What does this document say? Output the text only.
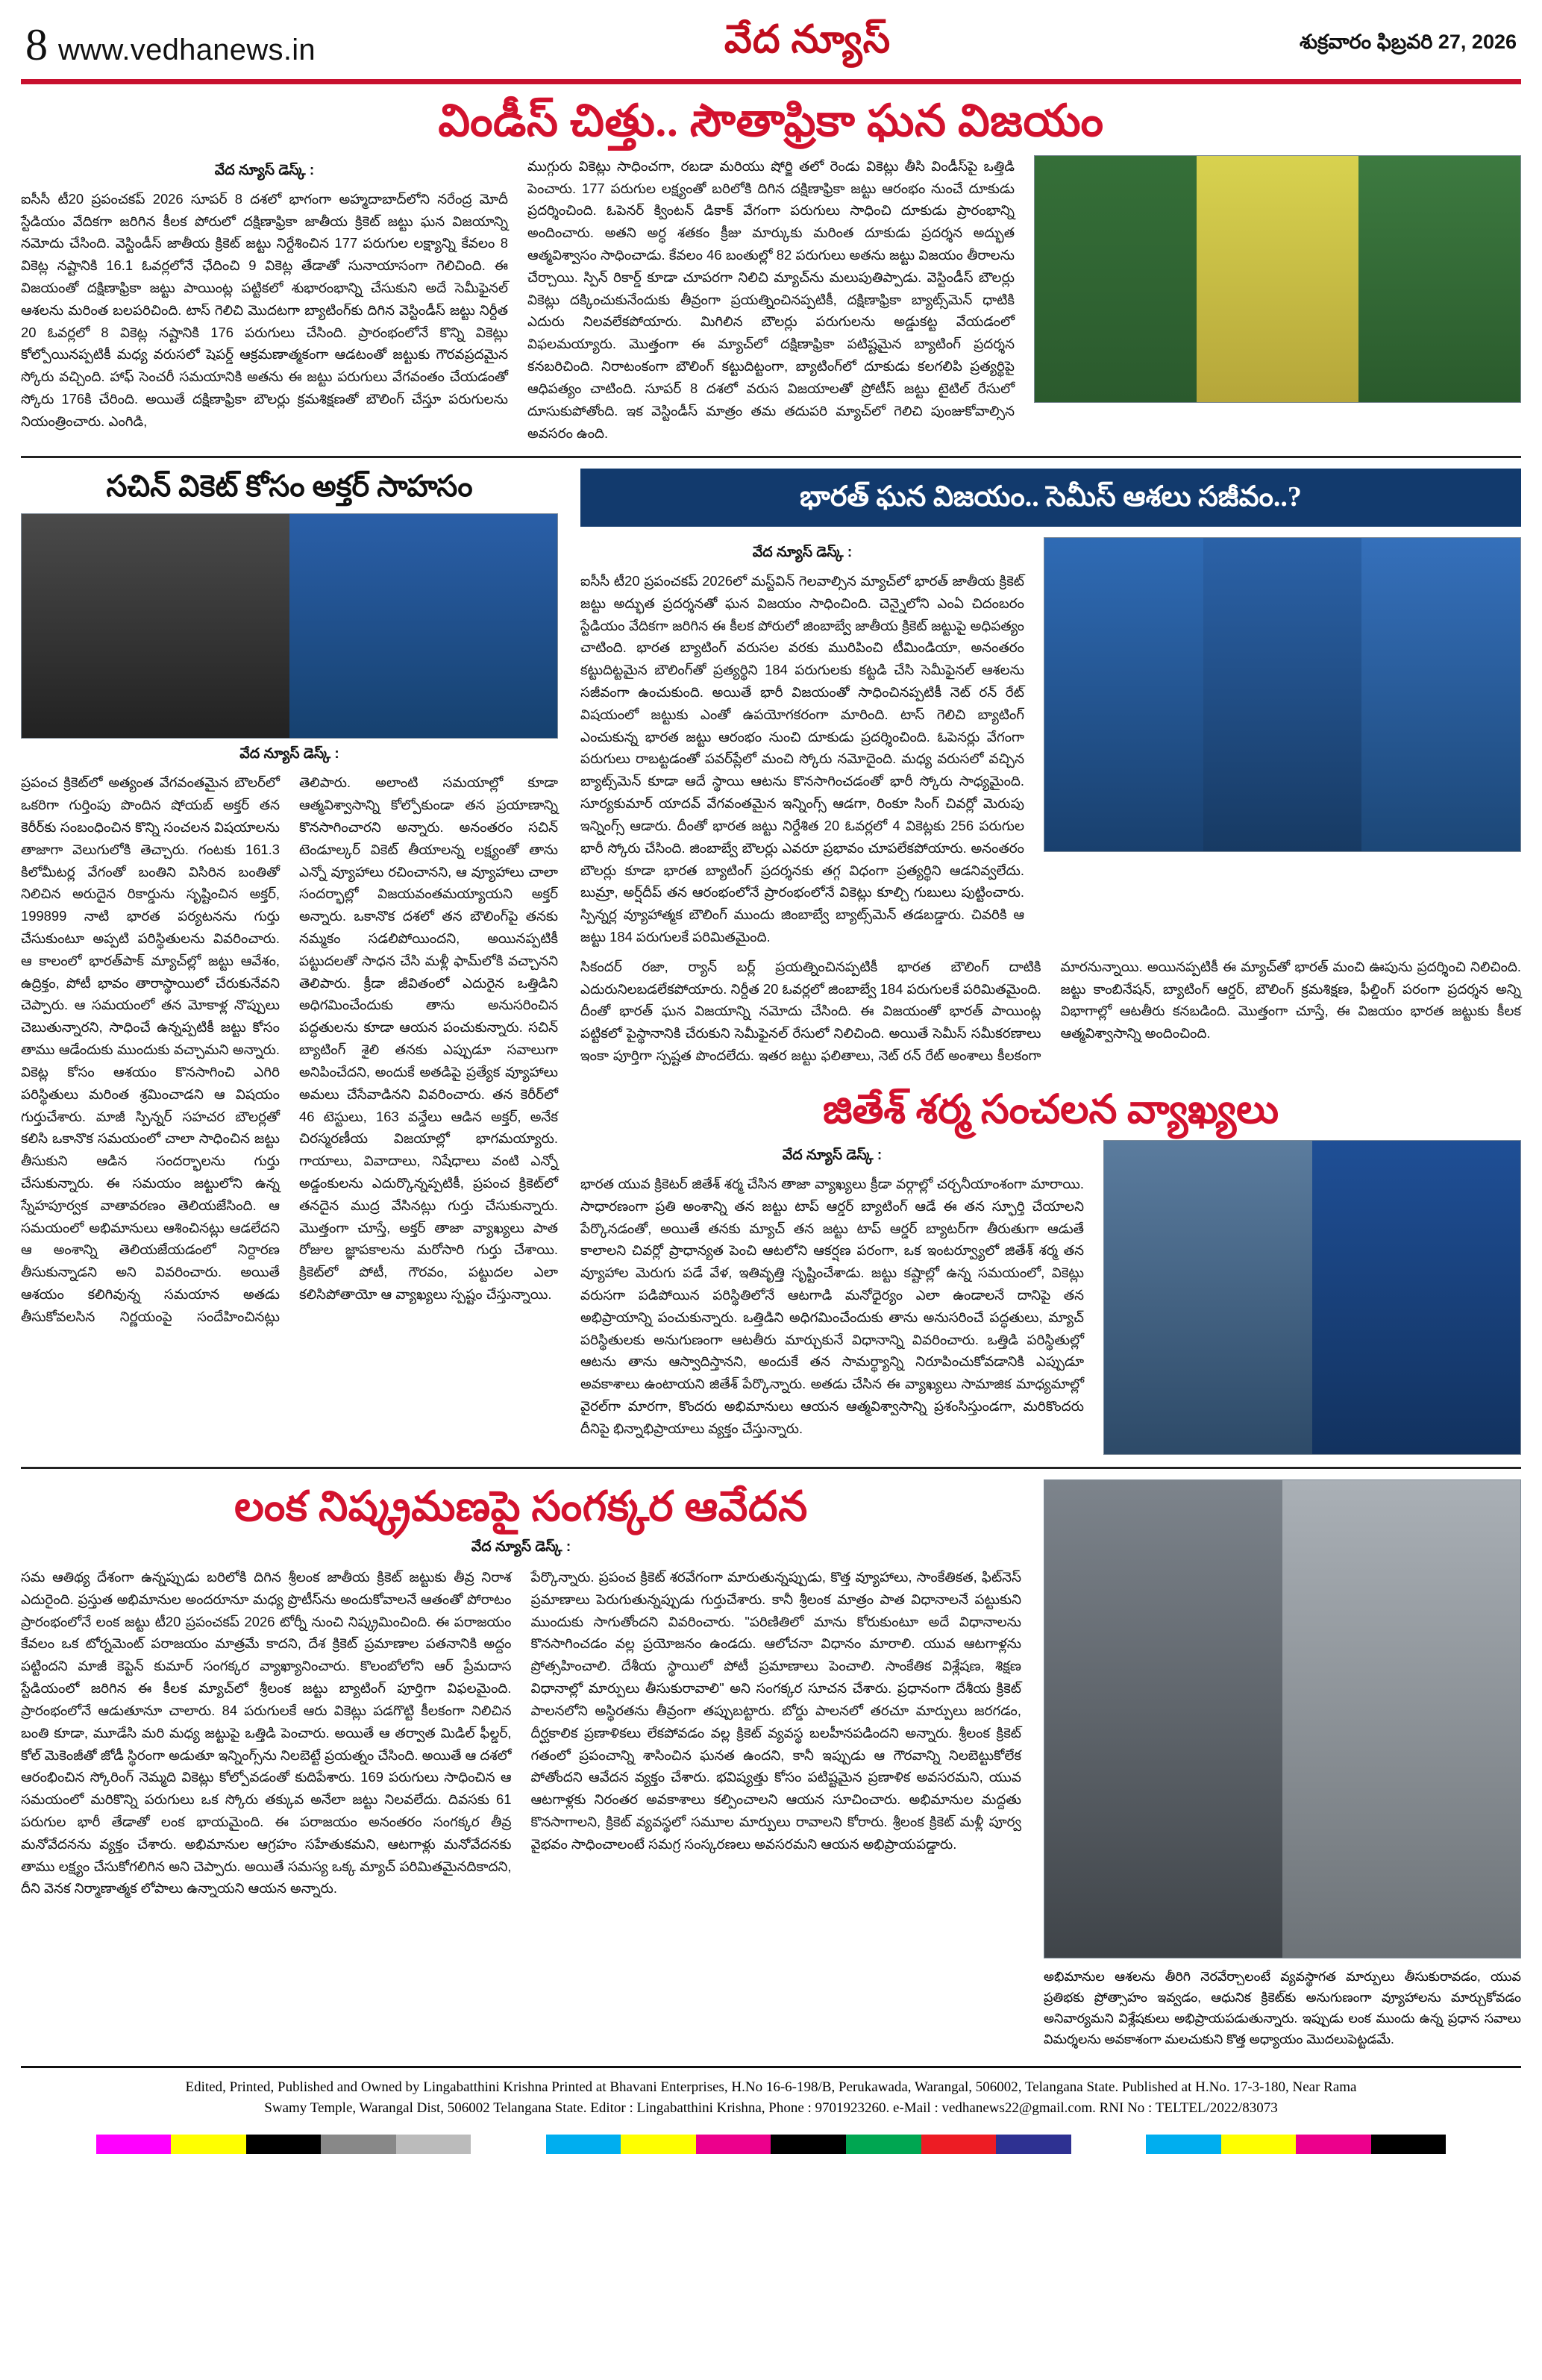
8 www.vedhanews.in	వేద న్యూస్	శుక్రవారం ఫిబ్రవరి 27, 2026
విండీస్ చిత్తు.. సౌతాఫ్రికా ఘన విజయం
వేద న్యూస్ డెస్క్ :
ఐసీసీ టీ20 ప్రపంచకప్ 2026 సూపర్ 8 దశలో భాగంగా అహ్మదాబాద్‌లోని నరేంద్ర మోదీ స్టేడియం వేదికగా జరిగిన కీలక పోరులో దక్షిణాఫ్రికా జాతీయ క్రికెట్ జట్టు ఘన విజయాన్ని నమోదు చేసింది. వెస్టిండీస్ జాతీయ క్రికెట్ జట్టు నిర్దేశించిన 177 పరుగుల లక్ష్యాన్ని కేవలం 8 వికెట్ల నష్టానికి 16.1 ఓవర్లలోనే ఛేదించి 9 వికెట్ల తేడాతో సునాయాసంగా గెలిచింది. ఈ విజయంతో దక్షిణాఫ్రికా జట్టు పాయింట్ల పట్టికలో శుభారంభాన్ని చేసుకుని అదే సెమీఫైనల్ ఆశలను మరింత బలపరిచింది. టాస్ గెలిచి మొదటగా బ్యాటింగ్‌కు దిగిన వెస్టిండీస్ జట్టు నిర్దీత 20 ఓవర్లలో 8 వికెట్ల నష్టానికి 176 పరుగులు చేసింది. ప్రారంభంలోనే కొన్ని వికెట్లు కోల్పోయినప్పటికీ మధ్య వరుసలో షెపర్డ్ ఆక్రమణాత్మకంగా ఆడటంతో జట్టుకు గౌరవప్రదమైన స్కోరు వచ్చింది. హాఫ్ సెంచరీ సమయానికి అతను ఈ జట్టు పరుగులు వేగవంతం చేయడంతో స్కోరు 176కి చేరింది. అయితే దక్షిణాఫ్రికా బౌలర్లు క్రమశిక్షణతో బౌలింగ్ చేస్తూ పరుగులను నియంత్రించారు. ఎంగిడి,
ముగ్గురు వికెట్లు సాధించగా, రబడా మరియు షోర్జి తలో రెండు వికెట్లు తీసి విండీస్‌పై ఒత్తిడి పెంచారు. 177 పరుగుల లక్ష్యంతో బరిలోకి దిగిన దక్షిణాఫ్రికా జట్టు ఆరంభం నుంచే దూకుడు ప్రదర్శించింది. ఓపెనర్ క్వింటన్ డికాక్ వేగంగా పరుగులు సాధించి దూకుడు ప్రారంభాన్ని అందించారు. అతని అర్ధ శతకం క్రీజు మార్కుకు మరింత దూకుడు ప్రదర్శన అద్భుత ఆత్మవిశ్వాసం సాధించాడు. కేవలం 46 బంతుల్లో 82 పరుగులు అతను జట్టు విజయం తీరాలను చేర్చాయి. స్పిన్ రికార్డ్ కూడా చూపరగా నిలిచి మ్యాచ్‌ను మలుపుతిప్పాడు. వెస్టిండీస్ బౌలర్లు వికెట్లు దక్కించుకునేందుకు తీవ్రంగా ప్రయత్నించినప్పటికీ, దక్షిణాఫ్రికా బ్యాట్స్‌మెన్ ధాటికి ఎదురు నిలవలేకపోయారు. మిగిలిన బౌలర్లు పరుగులను అడ్డుకట్ట వేయడంలో విఫలమయ్యారు. మొత్తంగా ఈ మ్యాచ్‌లో దక్షిణాఫ్రికా పటిష్టమైన బ్యాటింగ్ ప్రదర్శన కనబరిచింది. నిరాటంకంగా బౌలింగ్ కట్టుదిట్టంగా, బ్యాటింగ్‌లో దూకుడు కలగలిపి ప్రత్యర్థిపై ఆధిపత్యం చాటింది. సూపర్ 8 దశలో వరుస విజయాలతో ప్రోటీస్ జట్టు టైటిల్ రేసులో దూసుకుపోతోంది. ఇక వెస్టిండీస్ మాత్రం తమ తదుపరి మ్యాచ్‌లో గెలిచి పుంజుకోవాల్సిన అవసరం ఉంది.
సచిన్ వికెట్ కోసం అక్తర్ సాహసం
వేద న్యూస్ డెస్క్ :
ప్రపంచ క్రికెట్‌లో అత్యంత వేగవంతమైన బౌలర్‌లో ఒకరిగా గుర్తింపు పొందిన షోయబ్ అక్తర్ తన కెరీర్‌కు సంబంధించిన కొన్ని సంచలన విషయాలను తాజాగా వెలుగులోకి తెచ్చారు. గంటకు 161.3 కిలోమీటర్ల వేగంతో బంతిని విసిరిన బంతితో నిలిచిన అరుదైన రికార్డును సృష్టించిన అక్తర్, 199899 నాటి భారత పర్యటనను గుర్తు చేసుకుంటూ అప్పటి పరిస్థితులను వివరించారు. ఆ కాలంలో భారత్‌పాక్ మ్యాచ్‌ల్లో జట్టు ఆవేశం, ఉద్రిక్తం, పోటీ భావం తారాస్థాయిలో చేరుకునేవని చెప్పారు. ఆ సమయంలో తన మోకాళ్ల నొప్పులు చెబుతున్నారని, సాధించే ఉన్నప్పటికీ జట్టు కోసం తాము ఆడేందుకు ముందుకు వచ్చామని అన్నారు. వికెట్ల కోసం ఆశయం కొనసాగించి ఎగిరి పరిస్థితులు మరింత శ్రమించాడని ఆ విషయం గుర్తుచేశారు. మాజీ స్పిన్నర్ సహచర బౌలర్లతో కలిసి ఒకానొక సమయంలో చాలా సాధించిన జట్టు తీసుకుని ఆడిన సందర్భాలను గుర్తు చేసుకున్నారు. ఈ సమయం జట్టులోని ఉన్న స్నేహపూర్వక వాతావరణం తెలియజేసింది. ఆ సమయంలో అభిమానులు ఆశించినట్లు ఆడలేదని ఆ అంశాన్ని తెలియజేయడంలో నిర్దారణ తీసుకున్నాడని అని వివరించారు. అయితే ఆశయం కలిగివున్న సమయాన అతడు తీసుకోవలసిన నిర్ణయంపై సందేహించినట్లు తెలిపారు. అలాంటి సమయాల్లో కూడా ఆత్మవిశ్వాసాన్ని కోల్పోకుండా తన ప్రయాణాన్ని కొనసాగించారని అన్నారు. అనంతరం సచిన్ టెండూల్కర్ వికెట్ తీయాలన్న లక్ష్యంతో తాను ఎన్నో వ్యూహాలు రచించానని, ఆ వ్యూహాలు చాలా సందర్భాల్లో విజయవంతమయ్యాయని అక్తర్ అన్నారు. ఒకానొక దశలో తన బౌలింగ్‌పై తనకు నమ్మకం సడలిపోయిందని, అయినప్పటికీ పట్టుదలతో సాధన చేసి మళ్లీ ఫామ్‌లోకి వచ్చానని తెలిపారు. క్రీడా జీవితంలో ఎదురైన ఒత్తిడిని అధిగమించేందుకు తాను అనుసరించిన పద్ధతులను కూడా ఆయన పంచుకున్నారు. సచిన్ బ్యాటింగ్ శైలి తనకు ఎప్పుడూ సవాలుగా అనిపించేదని, అందుకే అతడిపై ప్రత్యేక వ్యూహాలు అమలు చేసేవాడినని వివరించారు. తన కెరీర్‌లో 46 టెస్టులు, 163 వన్డేలు ఆడిన అక్తర్, అనేక చిరస్మరణీయ విజయాల్లో భాగమయ్యారు. గాయాలు, వివాదాలు, నిషేధాలు వంటి ఎన్నో అడ్డంకులను ఎదుర్కొన్నప్పటికీ, ప్రపంచ క్రికెట్‌లో తనదైన ముద్ర వేసినట్లు గుర్తు చేసుకున్నారు. మొత్తంగా చూస్తే, అక్తర్ తాజా వ్యాఖ్యలు పాత రోజుల జ్ఞాపకాలను మరోసారి గుర్తు చేశాయి. క్రికెట్‌లో పోటీ, గౌరవం, పట్టుదల ఎలా కలిసిపోతాయో ఆ వ్యాఖ్యలు స్పష్టం చేస్తున్నాయి.
భారత్ ఘన విజయం.. సెమీస్ ఆశలు సజీవం..?
వేద న్యూస్ డెస్క్ :
ఐసీసీ టీ20 ప్రపంచకప్ 2026లో మస్ట్‌విన్ గెలవాల్సిన మ్యాచ్‌లో భారత్ జాతీయ క్రికెట్ జట్టు అద్భుత ప్రదర్శనతో ఘన విజయం సాధించింది. చెన్నైలోని ఎంఏ చిదంబరం స్టేడియం వేదికగా జరిగిన ఈ కీలక పోరులో జింబాబ్వే జాతీయ క్రికెట్ జట్టుపై అధిపత్యం చాటింది. భారత బ్యాటింగ్ వరుసల వరకు మురిపించి టీమిండియా, అనంతరం కట్టుదిట్టమైన బౌలింగ్‌తో ప్రత్యర్థిని 184 పరుగులకు కట్టడి చేసి సెమీఫైనల్ ఆశలను సజీవంగా ఉంచుకుంది. అయితే భారీ విజయంతో సాధించినప్పటికీ నెట్ రన్ రేట్ విషయంలో జట్టుకు ఎంతో ఉపయోగకరంగా మారింది. టాస్ గెలిచి బ్యాటింగ్ ఎంచుకున్న భారత జట్టు ఆరంభం నుంచి దూకుడు ప్రదర్శించింది. ఓపెనర్లు వేగంగా పరుగులు రాబట్టడంతో పవర్‌ప్లేలో మంచి స్కోరు నమోదైంది. మధ్య వరుసలో వచ్చిన బ్యాట్స్‌మెన్ కూడా ఆదే స్థాయి ఆటను కొనసాగించడంతో భారీ స్కోరు సాధ్యమైంది. సూర్యకుమార్ యాదవ్ వేగవంతమైన ఇన్నింగ్స్ ఆడగా, రింకూ సింగ్ చివర్లో మెరుపు ఇన్నింగ్స్ ఆడారు. దీంతో భారత జట్టు నిర్దేశిత 20 ఓవర్లలో 4 వికెట్లకు 256 పరుగుల భారీ స్కోరు చేసింది. జింబాబ్వే బౌలర్లు ఎవరూ ప్రభావం చూపలేకపోయారు. అనంతరం బౌలర్లు కూడా భారత బ్యాటింగ్ ప్రదర్శనకు తగ్గ విధంగా ప్రత్యర్థిని ఆడనివ్వలేదు. బుమ్రా, అర్ష్‌దీప్ తన ఆరంభంలోనే ప్రారంభంలోనే వికెట్లు కూల్చి గుబులు పుట్టించారు. స్పిన్నర్ల వ్యూహాత్మక బౌలింగ్ ముందు జింబాబ్వే బ్యాట్స్‌మెన్ తడబడ్డారు. చివరికి ఆ జట్టు 184 పరుగులకే పరిమితమైంది.
సికందర్ రజా, ర్యాన్ బర్ల్ ప్రయత్నించినప్పటికీ భారత బౌలింగ్ దాటికి ఎదురునిలబడలేకపోయారు. నిర్దీత 20 ఓవర్లలో జింబాబ్వే 184 పరుగులకే పరిమితమైంది. దీంతో భారత్ ఘన విజయాన్ని నమోదు చేసింది. ఈ విజయంతో భారత్ పాయింట్ల పట్టికలో పైస్థానానికి చేరుకుని సెమీఫైనల్ రేసులో నిలిచింది. అయితే సెమీస్ సమీకరణాలు ఇంకా పూర్తిగా స్పష్టత పొందలేదు. ఇతర జట్టు ఫలితాలు, నెట్ రన్ రేట్ అంశాలు కీలకంగా మారనున్నాయి. అయినప్పటికీ ఈ మ్యాచ్‌తో భారత్ మంచి ఊపును ప్రదర్శించి నిలిచింది. జట్టు కాంబినేషన్, బ్యాటింగ్ ఆర్డర్, బౌలింగ్ క్రమశిక్షణ, ఫీల్డింగ్ పరంగా ప్రదర్శన అన్ని విభాగాల్లో ఆటతీరు కనబడింది. మొత్తంగా చూస్తే, ఈ విజయం భారత జట్టుకు కీలక ఆత్మవిశ్వాసాన్ని అందించింది.
జితేశ్ శర్మ సంచలన వ్యాఖ్యలు
వేద న్యూస్ డెస్క్ :
భారత యువ క్రికెటర్ జితేశ్ శర్మ చేసిన తాజా వ్యాఖ్యలు క్రీడా వర్గాల్లో చర్చనీయాంశంగా మారాయి. సాధారణంగా ప్రతి అంశాన్ని తన జట్టు టాప్ ఆర్డర్ బ్యాటింగ్ ఆడే ఈ తన స్ఫూర్తి చేయాలని పేర్కొనడంతో, అయితే తనకు మ్యాచ్ తన జట్టు టాప్ ఆర్డర్ బ్యాటర్‌గా తీరుతుగా ఆడుతే కాలాలని చివర్లో ప్రాధాన్యత పెంచి ఆటలోని ఆకర్షణ పరంగా, ఒక ఇంటర్వ్యూలో జితేశ్ శర్మ తన వ్యూహాల మెరుగు పడే వేళ, ఇతివృత్తి సృష్టించేశాడు. జట్టు కష్టాల్లో ఉన్న సమయంలో, వికెట్లు వరుసగా పడిపోయిన పరిస్థితిలోనే ఆటగాడి మనోధైర్యం ఎలా ఉండాలనే దానిపై తన అభిప్రాయాన్ని పంచుకున్నారు. ఒత్తిడిని అధిగమించేందుకు తాను అనుసరించే పద్ధతులు, మ్యాచ్ పరిస్థితులకు అనుగుణంగా ఆటతీరు మార్చుకునే విధానాన్ని వివరించారు. ఒత్తిడి పరిస్థితుల్లో ఆటను తాను ఆస్వాదిస్తానని, అందుకే తన సామర్థ్యాన్ని నిరూపించుకోవడానికి ఎప్పుడూ అవకాశాలు ఉంటాయని జితేశ్ పేర్కొన్నారు. అతడు చేసిన ఈ వ్యాఖ్యలు సామాజిక మాధ్యమాల్లో వైరల్‌గా మారగా, కొందరు అభిమానులు ఆయన ఆత్మవిశ్వాసాన్ని ప్రశంసిస్తుండగా, మరికొందరు దీనిపై భిన్నాభిప్రాయాలు వ్యక్తం చేస్తున్నారు.
లంక నిష్క్రమణపై సంగక్కర ఆవేదన
వేద న్యూస్ డెస్క్ :
సమ ఆతిథ్య దేశంగా ఉన్నప్పుడు బరిలోకి దిగిన శ్రీలంక జాతీయ క్రికెట్ జట్టుకు తీవ్ర నిరాశ ఎదురైంది. ప్రస్తుత అభిమానుల అందరూనూ మధ్య ప్రొటీస్‌ను అందుకోవాలనే ఆతంతో పోరాటం ప్రారంభంలోనే లంక జట్టు టీ20 ప్రపంచకప్ 2026 టోర్నీ నుంచి నిష్క్రమించింది. ఈ పరాజయం కేవలం ఒక టోర్నమెంట్ పరాజయం మాత్రమే కాదని, దేశ క్రికెట్ ప్రమాణాల పతనానికి అద్దం పట్టిందని మాజీ కెప్టెన్ కుమార్ సంగక్కర వ్యాఖ్యానించారు. కొలంబోలోని ఆర్ ప్రేమదాస స్టేడియంలో జరిగిన ఈ కీలక మ్యాచ్‌లో శ్రీలంక జట్టు బ్యాటింగ్ పూర్తిగా విఫలమైంది. ప్రారంభంలోనే ఆడుతూనూ చాలారు. 84 పరుగులకే ఆరు వికెట్లు పడగొట్టి కీలకంగా నిలిచిన బంతి కూడా, మూడేసి మరి మధ్య జట్టుపై ఒత్తిడి పెంచారు. అయితే ఆ తర్వాత మిడిల్ ఫీల్డర్, కోల్ మెకెంజీతో జోడీ స్థిరంగా అడుతూ ఇన్నింగ్స్‌ను నిలబెట్టే ప్రయత్నం చేసింది. అయితే ఆ దశలో ఆరంభించిన స్కోరింగ్ నెమ్మది వికెట్లు కోల్పోవడంతో కుదిపేశారు. 169 పరుగులు సాధించిన ఆ సమయంలో మరికొన్ని పరుగులు ఒక స్కోరు తక్కువ అనేలా జట్టు నిలవలేదు. దివసకు 61 పరుగుల భారీ తేడాతో లంక భాయమైంది. ఈ పరాజయం అనంతరం సంగక్కర తీవ్ర మనోవేదనను వ్యక్తం చేశారు. అభిమానుల ఆగ్రహం సహేతుకమని, ఆటగాళ్లు మనోవేదనకు తాము లక్ష్యం చేసుకోగలిగిన అని చెప్పారు. అయితే సమస్య ఒక్క మ్యాచ్ పరిమితమైనదికాదని, దీని వెనక నిర్మాణాత్మక లోపాలు ఉన్నాయని ఆయన అన్నారు.
పేర్కొన్నారు. ప్రపంచ క్రికెట్ శరవేగంగా మారుతున్నప్పుడు, కొత్త వ్యూహాలు, సాంకేతికత, ఫిట్‌నెస్ ప్రమాణాలు పెరుగుతున్నప్పుడు గుర్తుచేశారు. కానీ శ్రీలంక మాత్రం పాత విధానాలనే పట్టుకుని ముందుకు సాగుతోందని వివరించారు. "పరిణితిలో మాను కోరుకుంటూ అదే విధానాలను కొనసాగించడం వల్ల ప్రయోజనం ఉండదు. ఆలోచనా విధానం మారాలి. యువ ఆటగాళ్లను ప్రోత్సహించాలి. దేశీయ స్థాయిలో పోటీ ప్రమాణాలు పెంచాలి. సాంకేతిక విశ్లేషణ, శిక్షణ విధానాల్లో మార్పులు తీసుకురావాలి" అని సంగక్కర సూచన చేశారు. ప్రధానంగా దేశీయ క్రికెట్ పాలనలోని అస్థిరతను తీవ్రంగా తప్పుబట్టారు. బోర్డు పాలనలో తరచూ మార్పులు జరగడం, దీర్ఘకాలిక ప్రణాళికలు లేకపోవడం వల్ల క్రికెట్ వ్యవస్థ బలహీనపడిందని అన్నారు. శ్రీలంక క్రికెట్ గతంలో ప్రపంచాన్ని శాసించిన ఘనత ఉందని, కానీ ఇప్పుడు ఆ గౌరవాన్ని నిలబెట్టుకోలేక పోతోందని ఆవేదన వ్యక్తం చేశారు. భవిష్యత్తు కోసం పటిష్టమైన ప్రణాళిక అవసరమని, యువ ఆటగాళ్లకు నిరంతర అవకాశాలు కల్పించాలని ఆయన సూచించారు. అభిమానుల మద్దతు కొనసాగాలని, క్రికెట్ వ్యవస్థలో సమూల మార్పులు రావాలని కోరారు. శ్రీలంక క్రికెట్ మళ్లీ పూర్వ వైభవం సాధించాలంటే సమగ్ర సంస్కరణలు అవసరమని ఆయన అభిప్రాయపడ్డారు.
అభిమానుల ఆశలను తీరిగి నెరవేర్చాలంటే వ్యవస్థాగత మార్పులు తీసుకురావడం, యువ ప్రతిభకు ప్రోత్సాహం ఇవ్వడం, ఆధునిక క్రికెట్‌కు అనుగుణంగా వ్యూహాలను మార్చుకోవడం అనివార్యమని విశ్లేషకులు అభిప్రాయపడుతున్నారు. ఇప్పుడు లంక ముందు ఉన్న ప్రధాన సవాలు విమర్శలను అవకాశంగా మలచుకుని కొత్త అధ్యాయం మొదలుపెట్టడమే.
Edited, Printed, Published and Owned by Lingabatthini Krishna Printed at Bhavani Enterprises, H.No 16-6-198/B, Perukawada, Warangal, 506002, Telangana State. Published at H.No. 17-3-180, Near Rama
Swamy Temple, Warangal Dist, 506002 Telangana State. Editor : Lingabatthini Krishna, Phone : 9701923260. e-Mail : vedhanews22@gmail.com. RNI No : TELTEL/2022/83073
